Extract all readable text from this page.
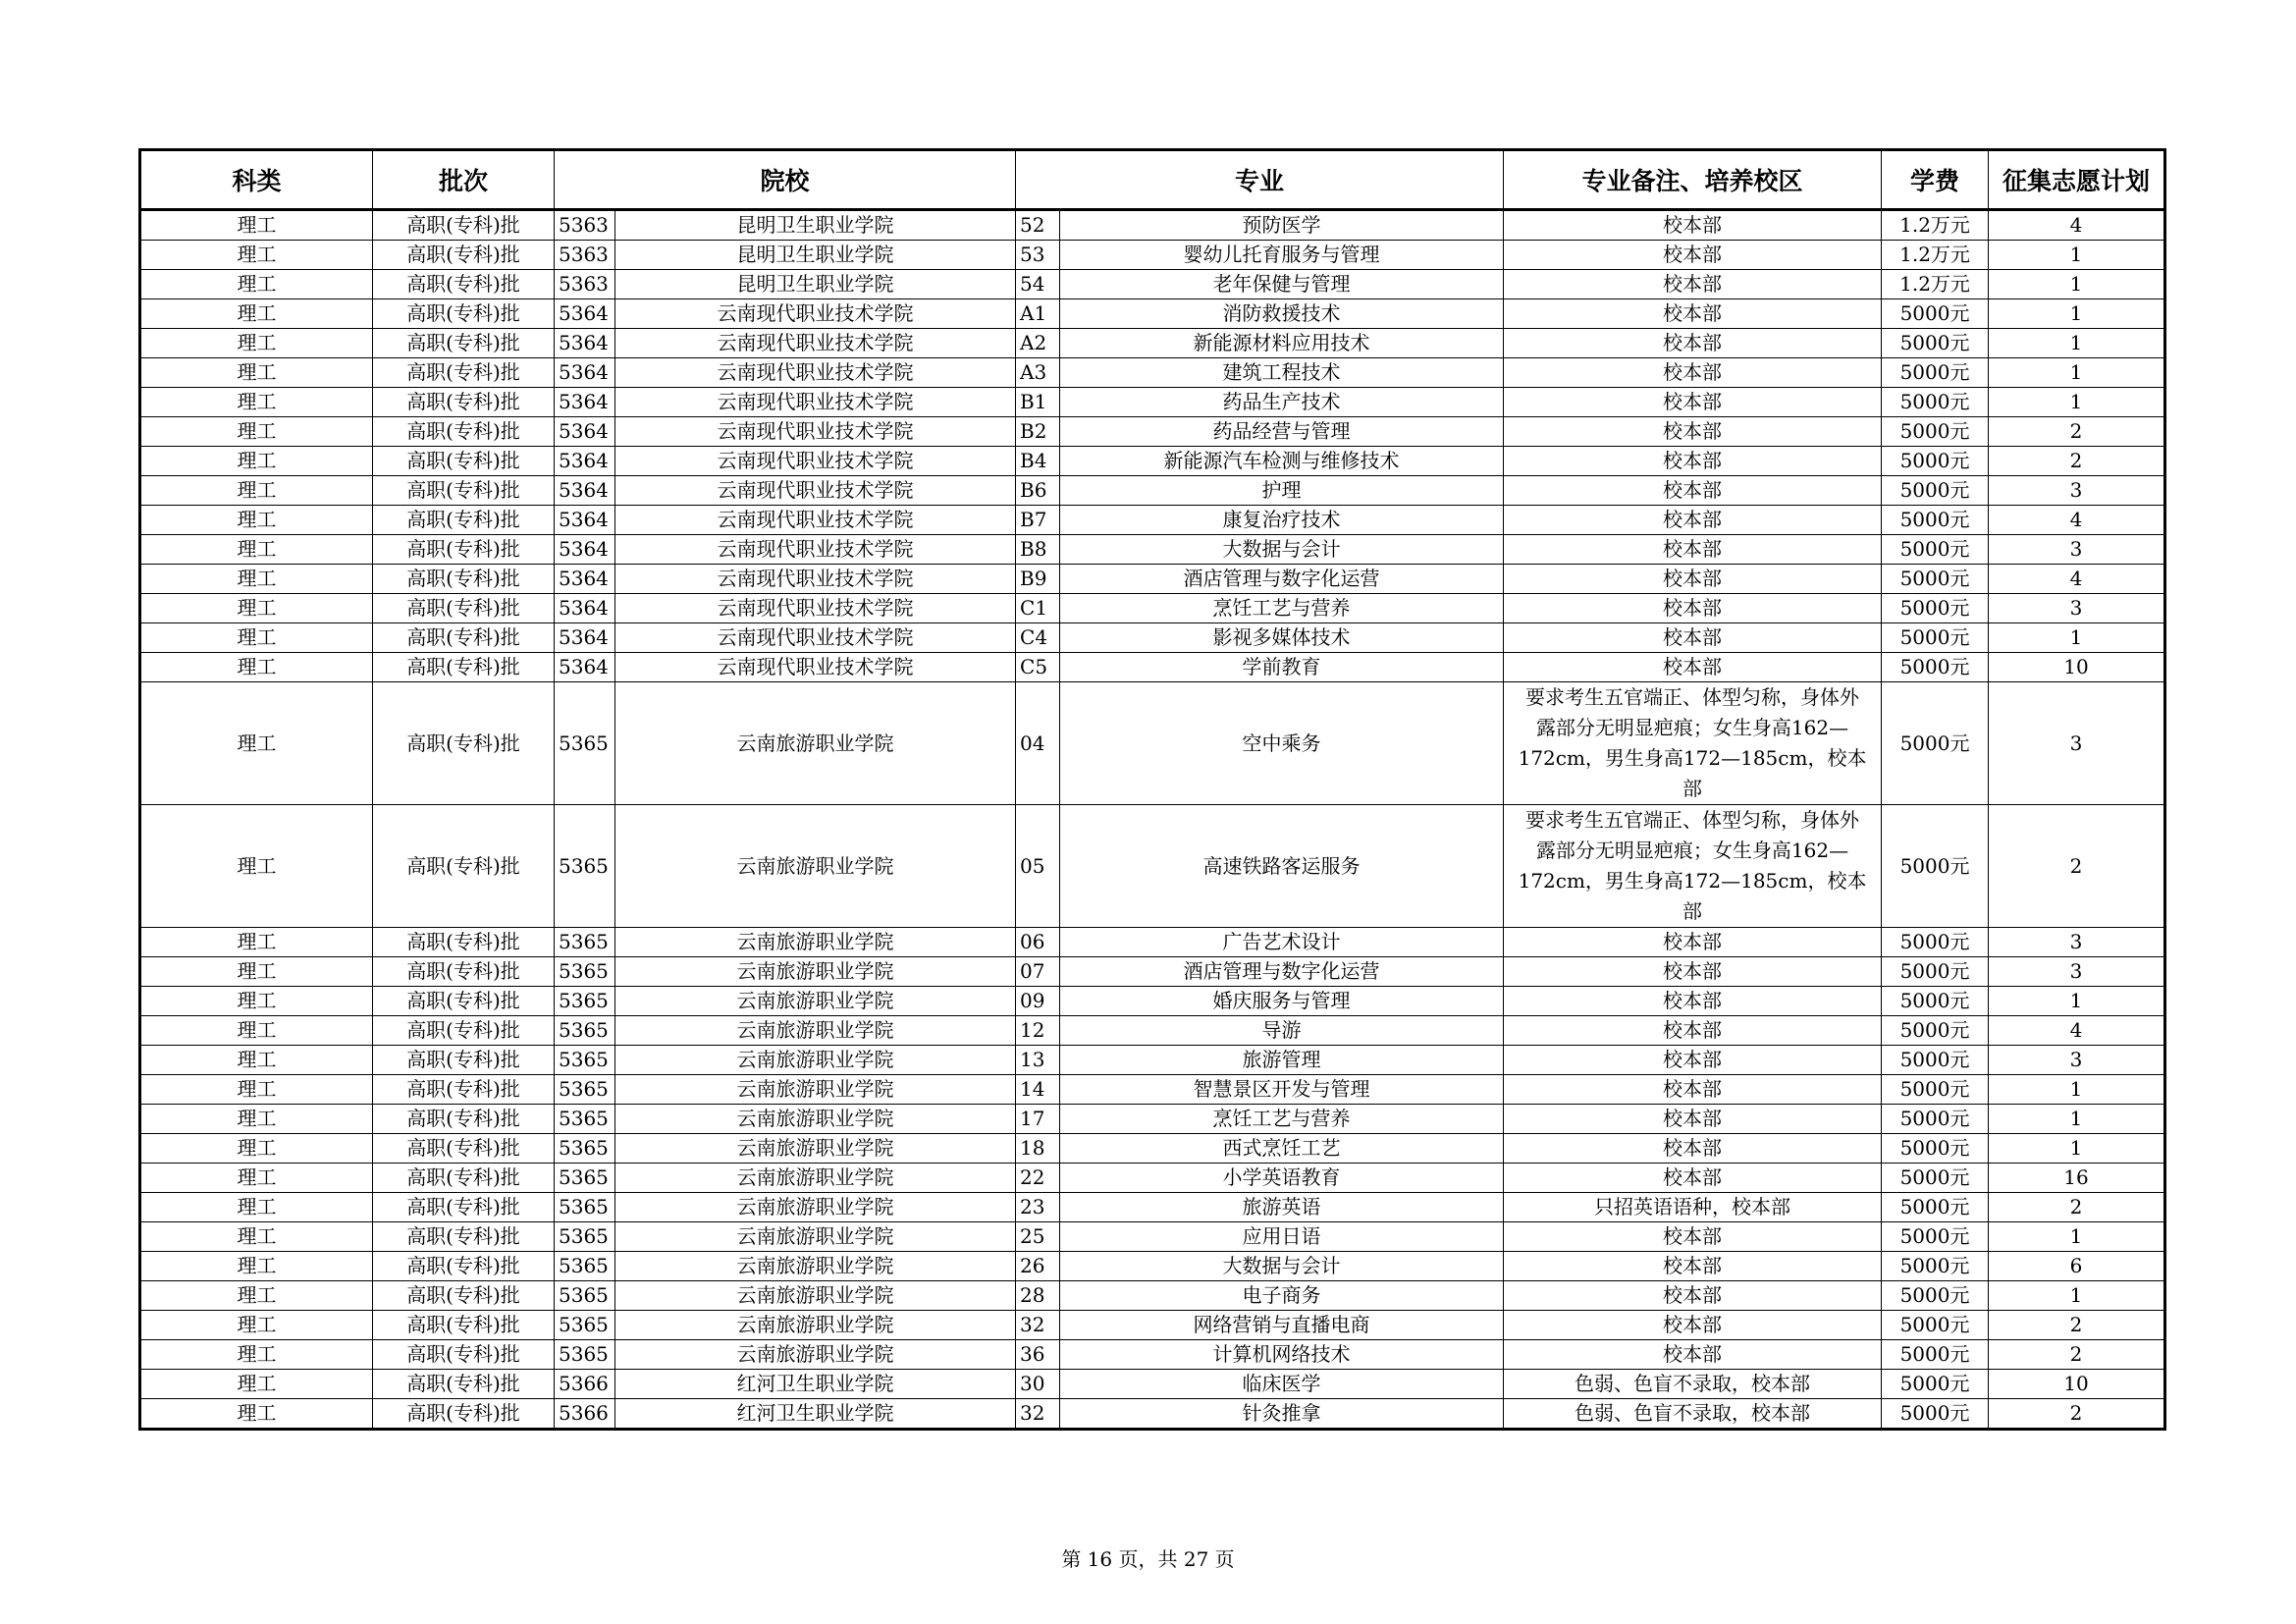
科类	批次	院校		专业		专业备注、培养校区	学费	征集志愿计划
理工	高职(专科)批	5363	昆明卫生职业学院	52	预防医学	校本部	1.2万元	4
理工	高职(专科)批	5363	昆明卫生职业学院	53	婴幼儿托育服务与管理	校本部	1.2万元	1
理工	高职(专科)批	5363	昆明卫生职业学院	54	老年保健与管理	校本部	1.2万元	1
理工	高职(专科)批	5364	云南现代职业技术学院	A1	消防救援技术	校本部	5000元	1
理工	高职(专科)批	5364	云南现代职业技术学院	A2	新能源材料应用技术	校本部	5000元	1
理工	高职(专科)批	5364	云南现代职业技术学院	A3	建筑工程技术	校本部	5000元	1
理工	高职(专科)批	5364	云南现代职业技术学院	B1	药品生产技术	校本部	5000元	1
理工	高职(专科)批	5364	云南现代职业技术学院	B2	药品经营与管理	校本部	5000元	2
理工	高职(专科)批	5364	云南现代职业技术学院	B4	新能源汽车检测与维修技术	校本部	5000元	2
理工	高职(专科)批	5364	云南现代职业技术学院	B6	护理	校本部	5000元	3
理工	高职(专科)批	5364	云南现代职业技术学院	B7	康复治疗技术	校本部	5000元	4
理工	高职(专科)批	5364	云南现代职业技术学院	B8	大数据与会计	校本部	5000元	3
理工	高职(专科)批	5364	云南现代职业技术学院	B9	酒店管理与数字化运营	校本部	5000元	4
理工	高职(专科)批	5364	云南现代职业技术学院	C1	烹饪工艺与营养	校本部	5000元	3
理工	高职(专科)批	5364	云南现代职业技术学院	C4	影视多媒体技术	校本部	5000元	1
理工	高职(专科)批	5364	云南现代职业技术学院	C5	学前教育	校本部	5000元	10
理工	高职(专科)批	5365	云南旅游职业学院	04	空中乘务	要求考生五官端正、体型匀称，身体外露部分无明显疤痕；女生身高162—172cm，男生身高172—185cm，校本部	5000元	3
理工	高职(专科)批	5365	云南旅游职业学院	05	高速铁路客运服务	要求考生五官端正、体型匀称，身体外露部分无明显疤痕；女生身高162—172cm，男生身高172—185cm，校本部	5000元	2
理工	高职(专科)批	5365	云南旅游职业学院	06	广告艺术设计	校本部	5000元	3
理工	高职(专科)批	5365	云南旅游职业学院	07	酒店管理与数字化运营	校本部	5000元	3
理工	高职(专科)批	5365	云南旅游职业学院	09	婚庆服务与管理	校本部	5000元	1
理工	高职(专科)批	5365	云南旅游职业学院	12	导游	校本部	5000元	4
理工	高职(专科)批	5365	云南旅游职业学院	13	旅游管理	校本部	5000元	3
理工	高职(专科)批	5365	云南旅游职业学院	14	智慧景区开发与管理	校本部	5000元	1
理工	高职(专科)批	5365	云南旅游职业学院	17	烹饪工艺与营养	校本部	5000元	1
理工	高职(专科)批	5365	云南旅游职业学院	18	西式烹饪工艺	校本部	5000元	1
理工	高职(专科)批	5365	云南旅游职业学院	22	小学英语教育	校本部	5000元	16
理工	高职(专科)批	5365	云南旅游职业学院	23	旅游英语	只招英语语种，校本部	5000元	2
理工	高职(专科)批	5365	云南旅游职业学院	25	应用日语	校本部	5000元	1
理工	高职(专科)批	5365	云南旅游职业学院	26	大数据与会计	校本部	5000元	6
理工	高职(专科)批	5365	云南旅游职业学院	28	电子商务	校本部	5000元	1
理工	高职(专科)批	5365	云南旅游职业学院	32	网络营销与直播电商	校本部	5000元	2
理工	高职(专科)批	5365	云南旅游职业学院	36	计算机网络技术	校本部	5000元	2
理工	高职(专科)批	5366	红河卫生职业学院	30	临床医学	色弱、色盲不录取，校本部	5000元	10
理工	高职(专科)批	5366	红河卫生职业学院	32	针灸推拿	色弱、色盲不录取，校本部	5000元	2
第 16 页，共 27 页
